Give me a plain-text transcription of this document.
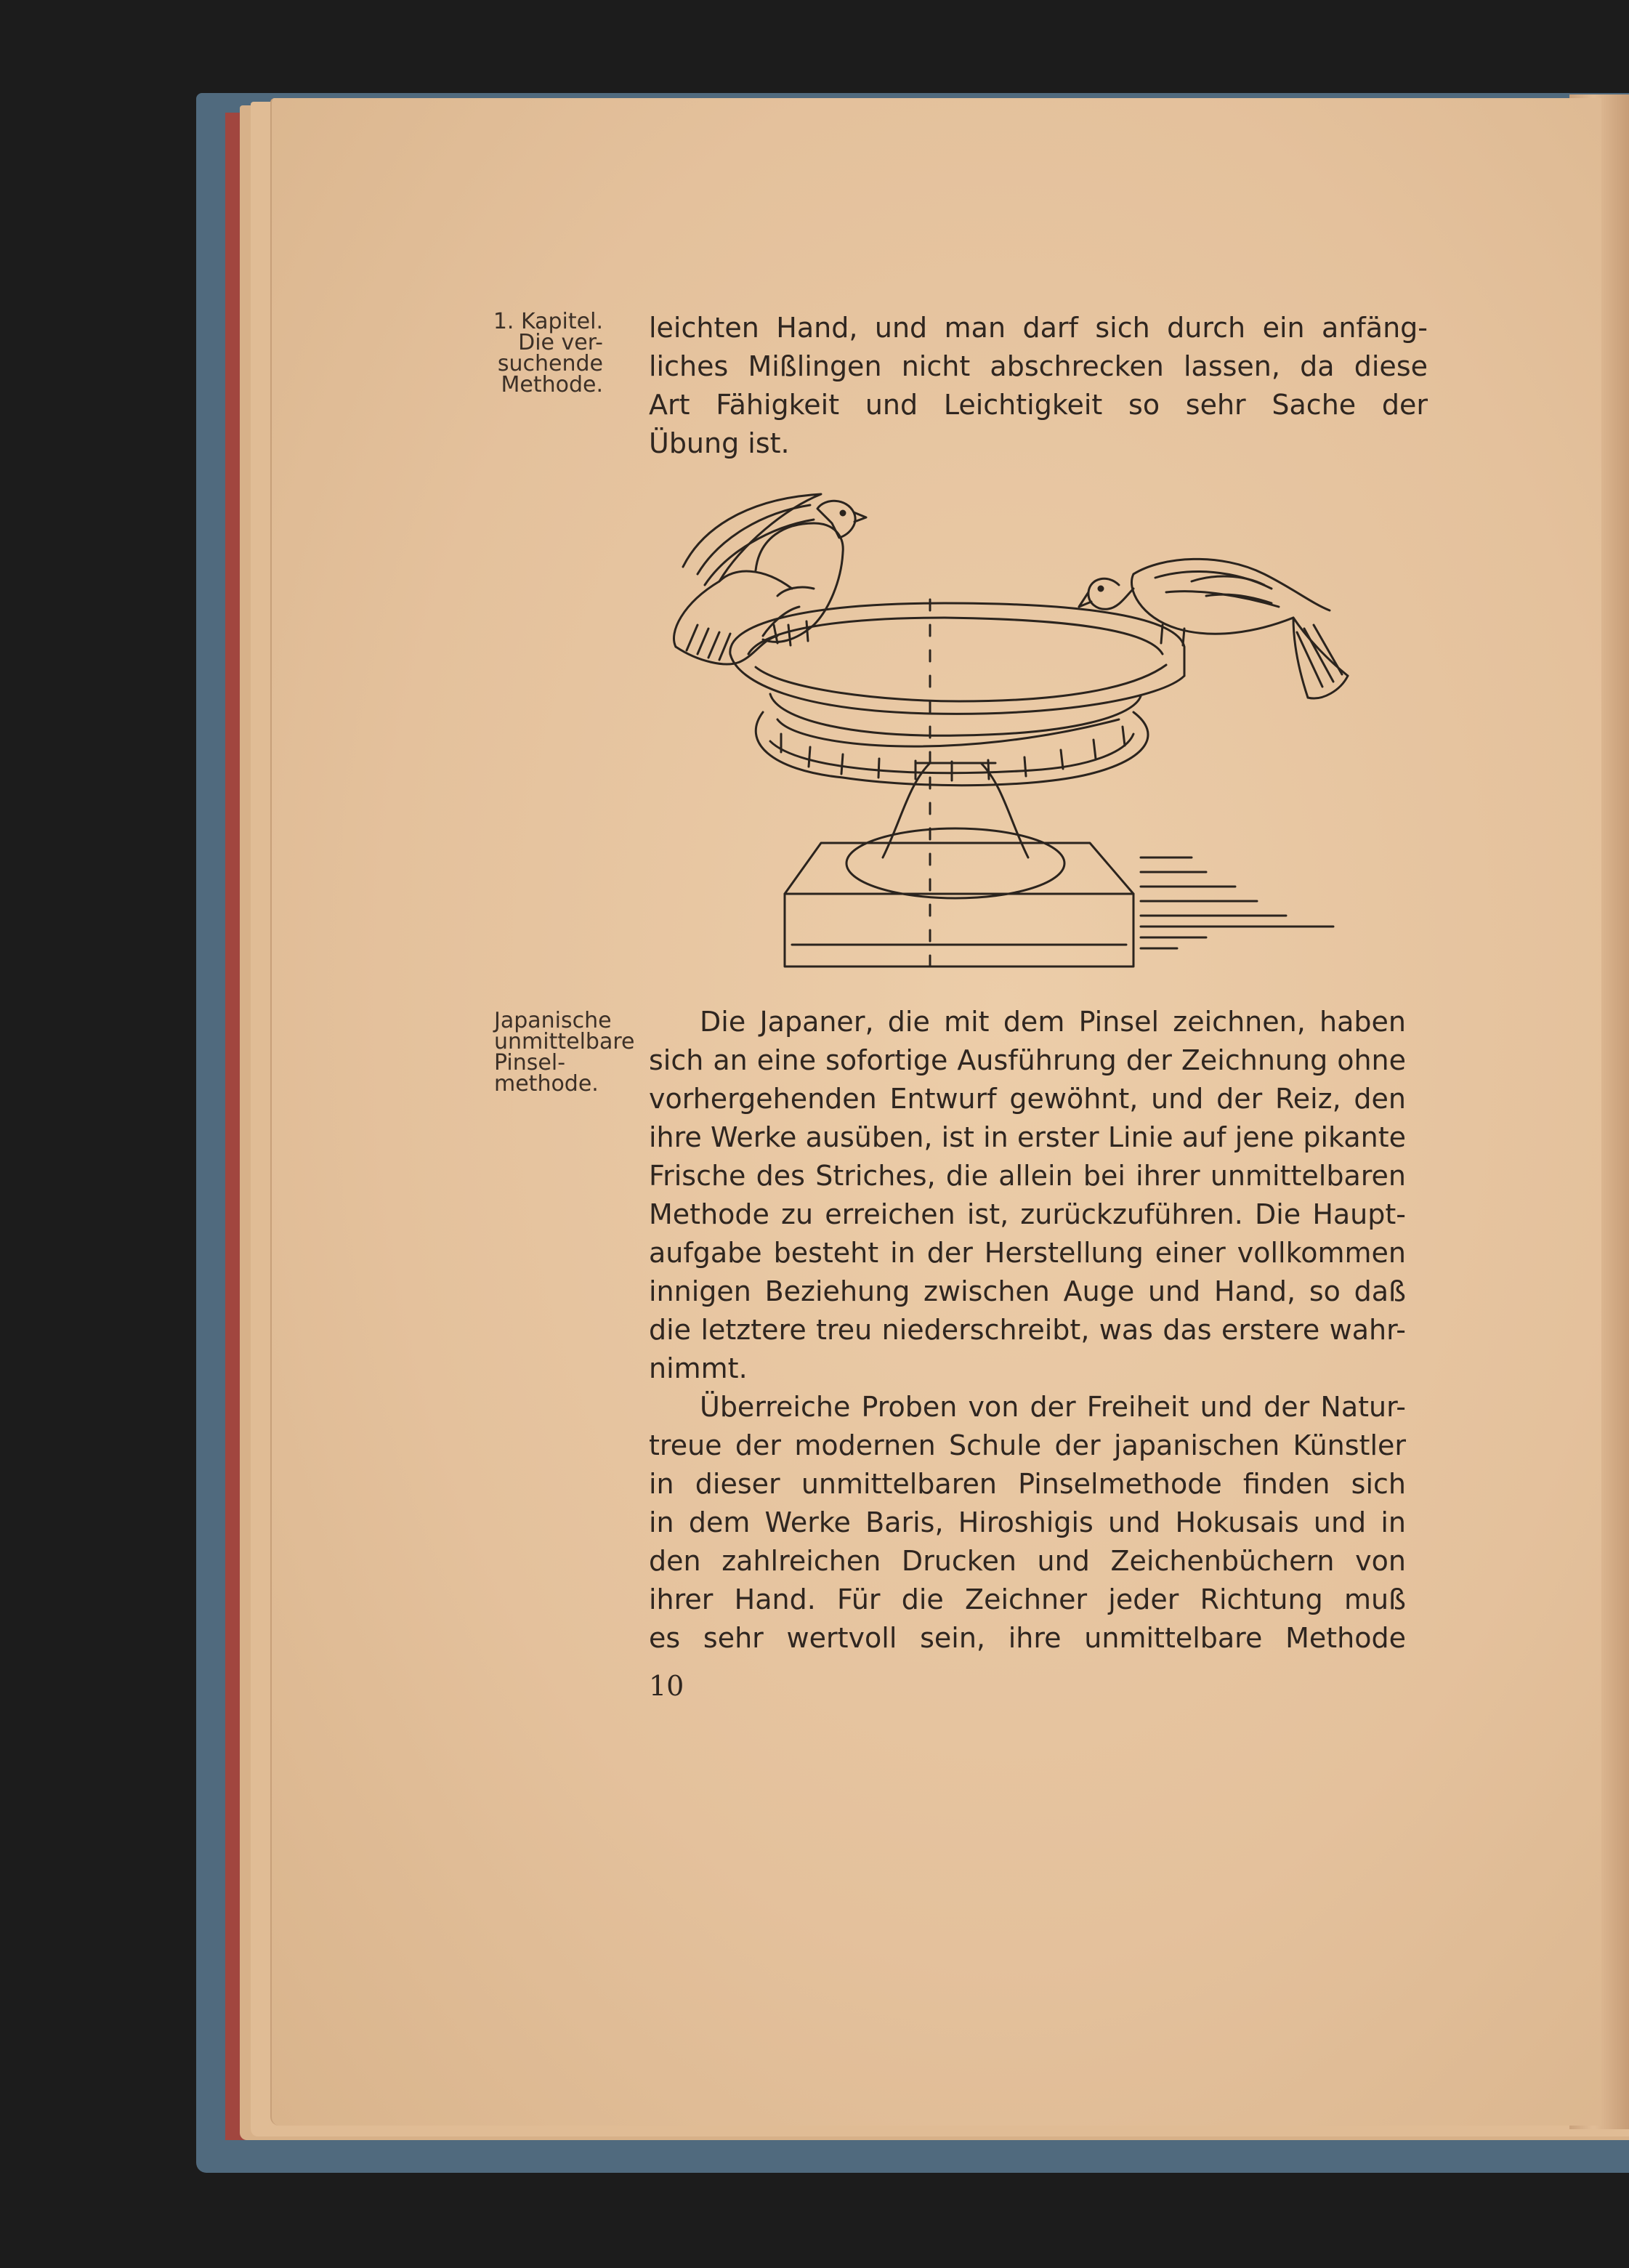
1. Kapitel.
Die ver-
suchende
Methode.
leichten Hand, und man darf sich durch ein anfäng-
liches Mißlingen nicht abschrecken lassen, da diese
Art Fähigkeit und Leichtigkeit so sehr Sache der
Übung ist.
Japanische
unmittelbare
Pinsel-
methode.
Die Japaner, die mit dem Pinsel zeichnen, haben
sich an eine sofortige Ausführung der Zeichnung ohne
vorhergehenden Entwurf gewöhnt, und der Reiz, den
ihre Werke ausüben, ist in erster Linie auf jene pikante
Frische des Striches, die allein bei ihrer unmittelbaren
Methode zu erreichen ist, zurückzuführen. Die Haupt-
aufgabe besteht in der Herstellung einer vollkommen
innigen Beziehung zwischen Auge und Hand, so daß
die letztere treu niederschreibt, was das erstere wahr-
nimmt.
Überreiche Proben von der Freiheit und der Natur-
treue der modernen Schule der japanischen Künstler
in dieser unmittelbaren Pinselmethode finden sich
in dem Werke Baris, Hiroshigis und Hokusais und in
den zahlreichen Drucken und Zeichenbüchern von
ihrer Hand. Für die Zeichner jeder Richtung muß
es sehr wertvoll sein, ihre unmittelbare Methode
10
